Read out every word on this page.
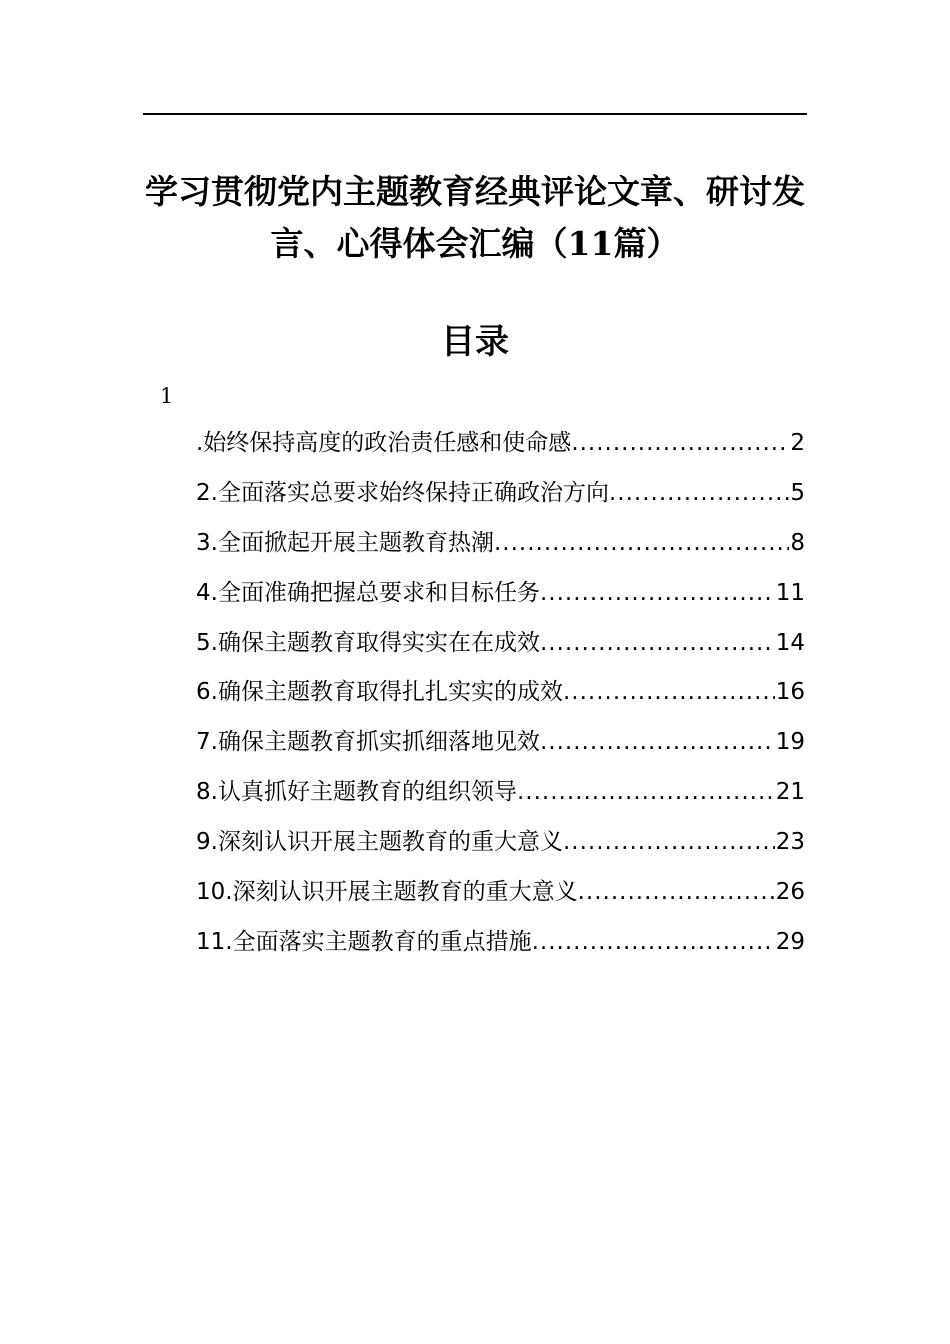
学习贯彻党内主题教育经典评论文章、研讨发言、心得体会汇编（11篇）
目录
1
.始终保持高度的政治责任感和使命感 .....	2
2.全面落实总要求始终保持正确政治方向 .....	5
3.全面掀起开展主题教育热潮 .....	8
4.全面准确把握总要求和目标任务 .....	11
5.确保主题教育取得实实在在成效 .....	14
6.确保主题教育取得扎扎实实的成效 .....	16
7.确保主题教育抓实抓细落地见效 .....	19
8.认真抓好主题教育的组织领导 .....	21
9.深刻认识开展主题教育的重大意义 .....	23
10.深刻认识开展主题教育的重大意义 .....	26
11.全面落实主题教育的重点措施 .....	29
